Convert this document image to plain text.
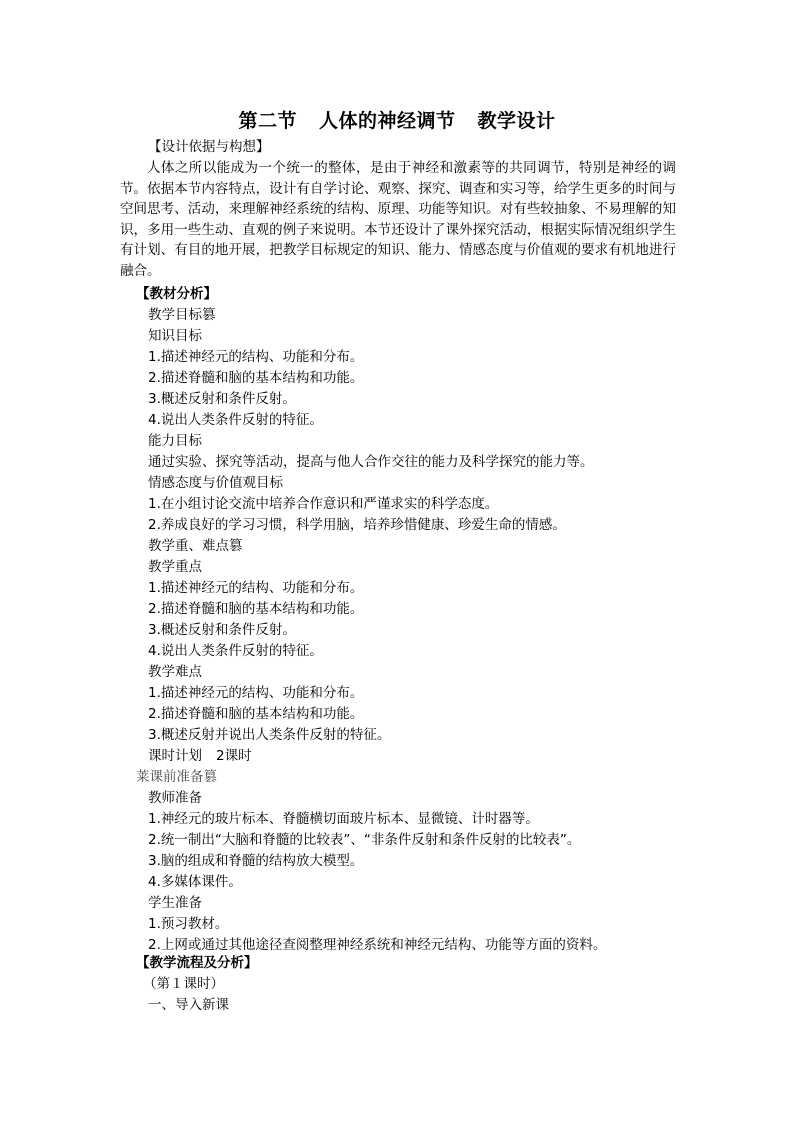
第二节 人体的神经调节 教学设计
【设计依据与构想】
人体之所以能成为一个统一的整体，是由于神经和激素等的共同调节，特别是神经的调节。依据本节内容特点，设计有自学讨论、观察、探究、调查和实习等，给学生更多的时间与空间思考、活动，来理解神经系统的结构、原理、功能等知识。对有些较抽象、不易理解的知识，多用一些生动、直观的例子来说明。本节还设计了课外探究活动，根据实际情况组织学生有计划、有目的地开展，把教学目标规定的知识、能力、情感态度与价值观的要求有机地进行融合。
【教材分析】
教学目标篡
知识目标
1.描述神经元的结构、功能和分布。
2.描述脊髓和脑的基本结构和功能。
3.概述反射和条件反射。
4.说出人类条件反射的特征。
能力目标
通过实验、探究等活动，提高与他人合作交往的能力及科学探究的能力等。
情感态度与价值观目标
1.在小组讨论交流中培养合作意识和严谨求实的科学态度。
2.养成良好的学习习惯，科学用脑，培养珍惜健康、珍爱生命的情感。
教学重、难点篡
教学重点
1.描述神经元的结构、功能和分布。
2.描述脊髓和脑的基本结构和功能。
3.概述反射和条件反射。
4.说出人类条件反射的特征。
教学难点
1.描述神经元的结构、功能和分布。
2.描述脊髓和脑的基本结构和功能。
3.概述反射并说出人类条件反射的特征。
课时计划 2课时
莱课前准备篡
教师准备
1.神经元的玻片标本、脊髓横切面玻片标本、显微镜、计时器等。
2.统一制出“大脑和脊髓的比较表”、“非条件反射和条件反射的比较表”。
3.脑的组成和脊髓的结构放大模型。
4.多媒体课件。
学生准备
1.预习教材。
2.上网或通过其他途径查阅整理神经系统和神经元结构、功能等方面的资料。
【教学流程及分析】
（第１课时）
一、导入新课
